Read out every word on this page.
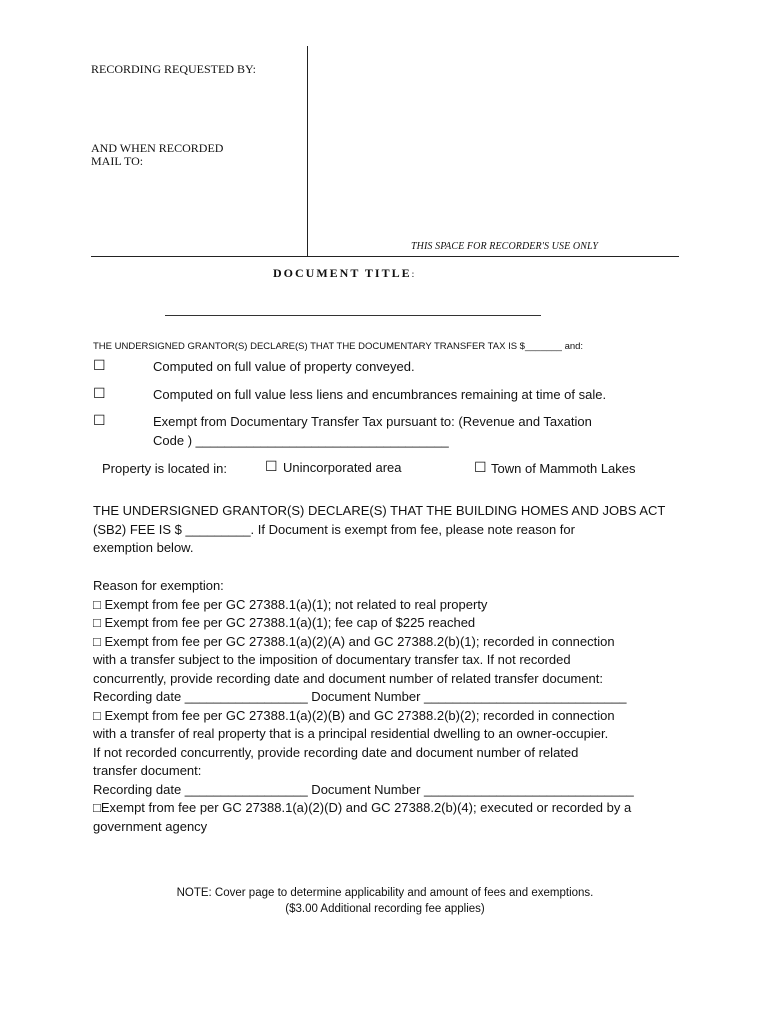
RECORDING REQUESTED BY:
AND WHEN RECORDED
MAIL TO:
THIS SPACE FOR RECORDER'S USE ONLY
DOCUMENT TITLE:
THE UNDERSIGNED GRANTOR(S) DECLARE(S) THAT THE DOCUMENTARY TRANSFER TAX IS $_______ and:
☐	Computed on full value of property conveyed.
☐	Computed on full value less liens and encumbrances remaining at time of sale.
☐	Exempt from Documentary Transfer Tax pursuant to: (Revenue and Taxation
Code ) ___________________________________
Property is located in:	☐ Unincorporated area	☐ Town of Mammoth Lakes
THE UNDERSIGNED GRANTOR(S) DECLARE(S) THAT THE BUILDING HOMES AND JOBS ACT
(SB2) FEE IS $ _________. If Document is exempt from fee, please note reason for
exemption below.
Reason for exemption:
□ Exempt from fee per GC 27388.1(a)(1); not related to real property
□ Exempt from fee per GC 27388.1(a)(1); fee cap of $225 reached
□ Exempt from fee per GC 27388.1(a)(2)(A) and GC 27388.2(b)(1); recorded in connection
with a transfer subject to the imposition of documentary transfer tax. If not recorded
concurrently, provide recording date and document number of related transfer document:
Recording date _________________ Document Number ____________________________
□ Exempt from fee per GC 27388.1(a)(2)(B) and GC 27388.2(b)(2); recorded in connection
with a transfer of real property that is a principal residential dwelling to an owner-occupier.
If not recorded concurrently, provide recording date and document number of related
transfer document:
Recording date _________________ Document Number _____________________________
□Exempt from fee per GC 27388.1(a)(2)(D) and GC 27388.2(b)(4); executed or recorded by a
government agency
NOTE: Cover page to determine applicability and amount of fees and exemptions.
($3.00 Additional recording fee applies)
